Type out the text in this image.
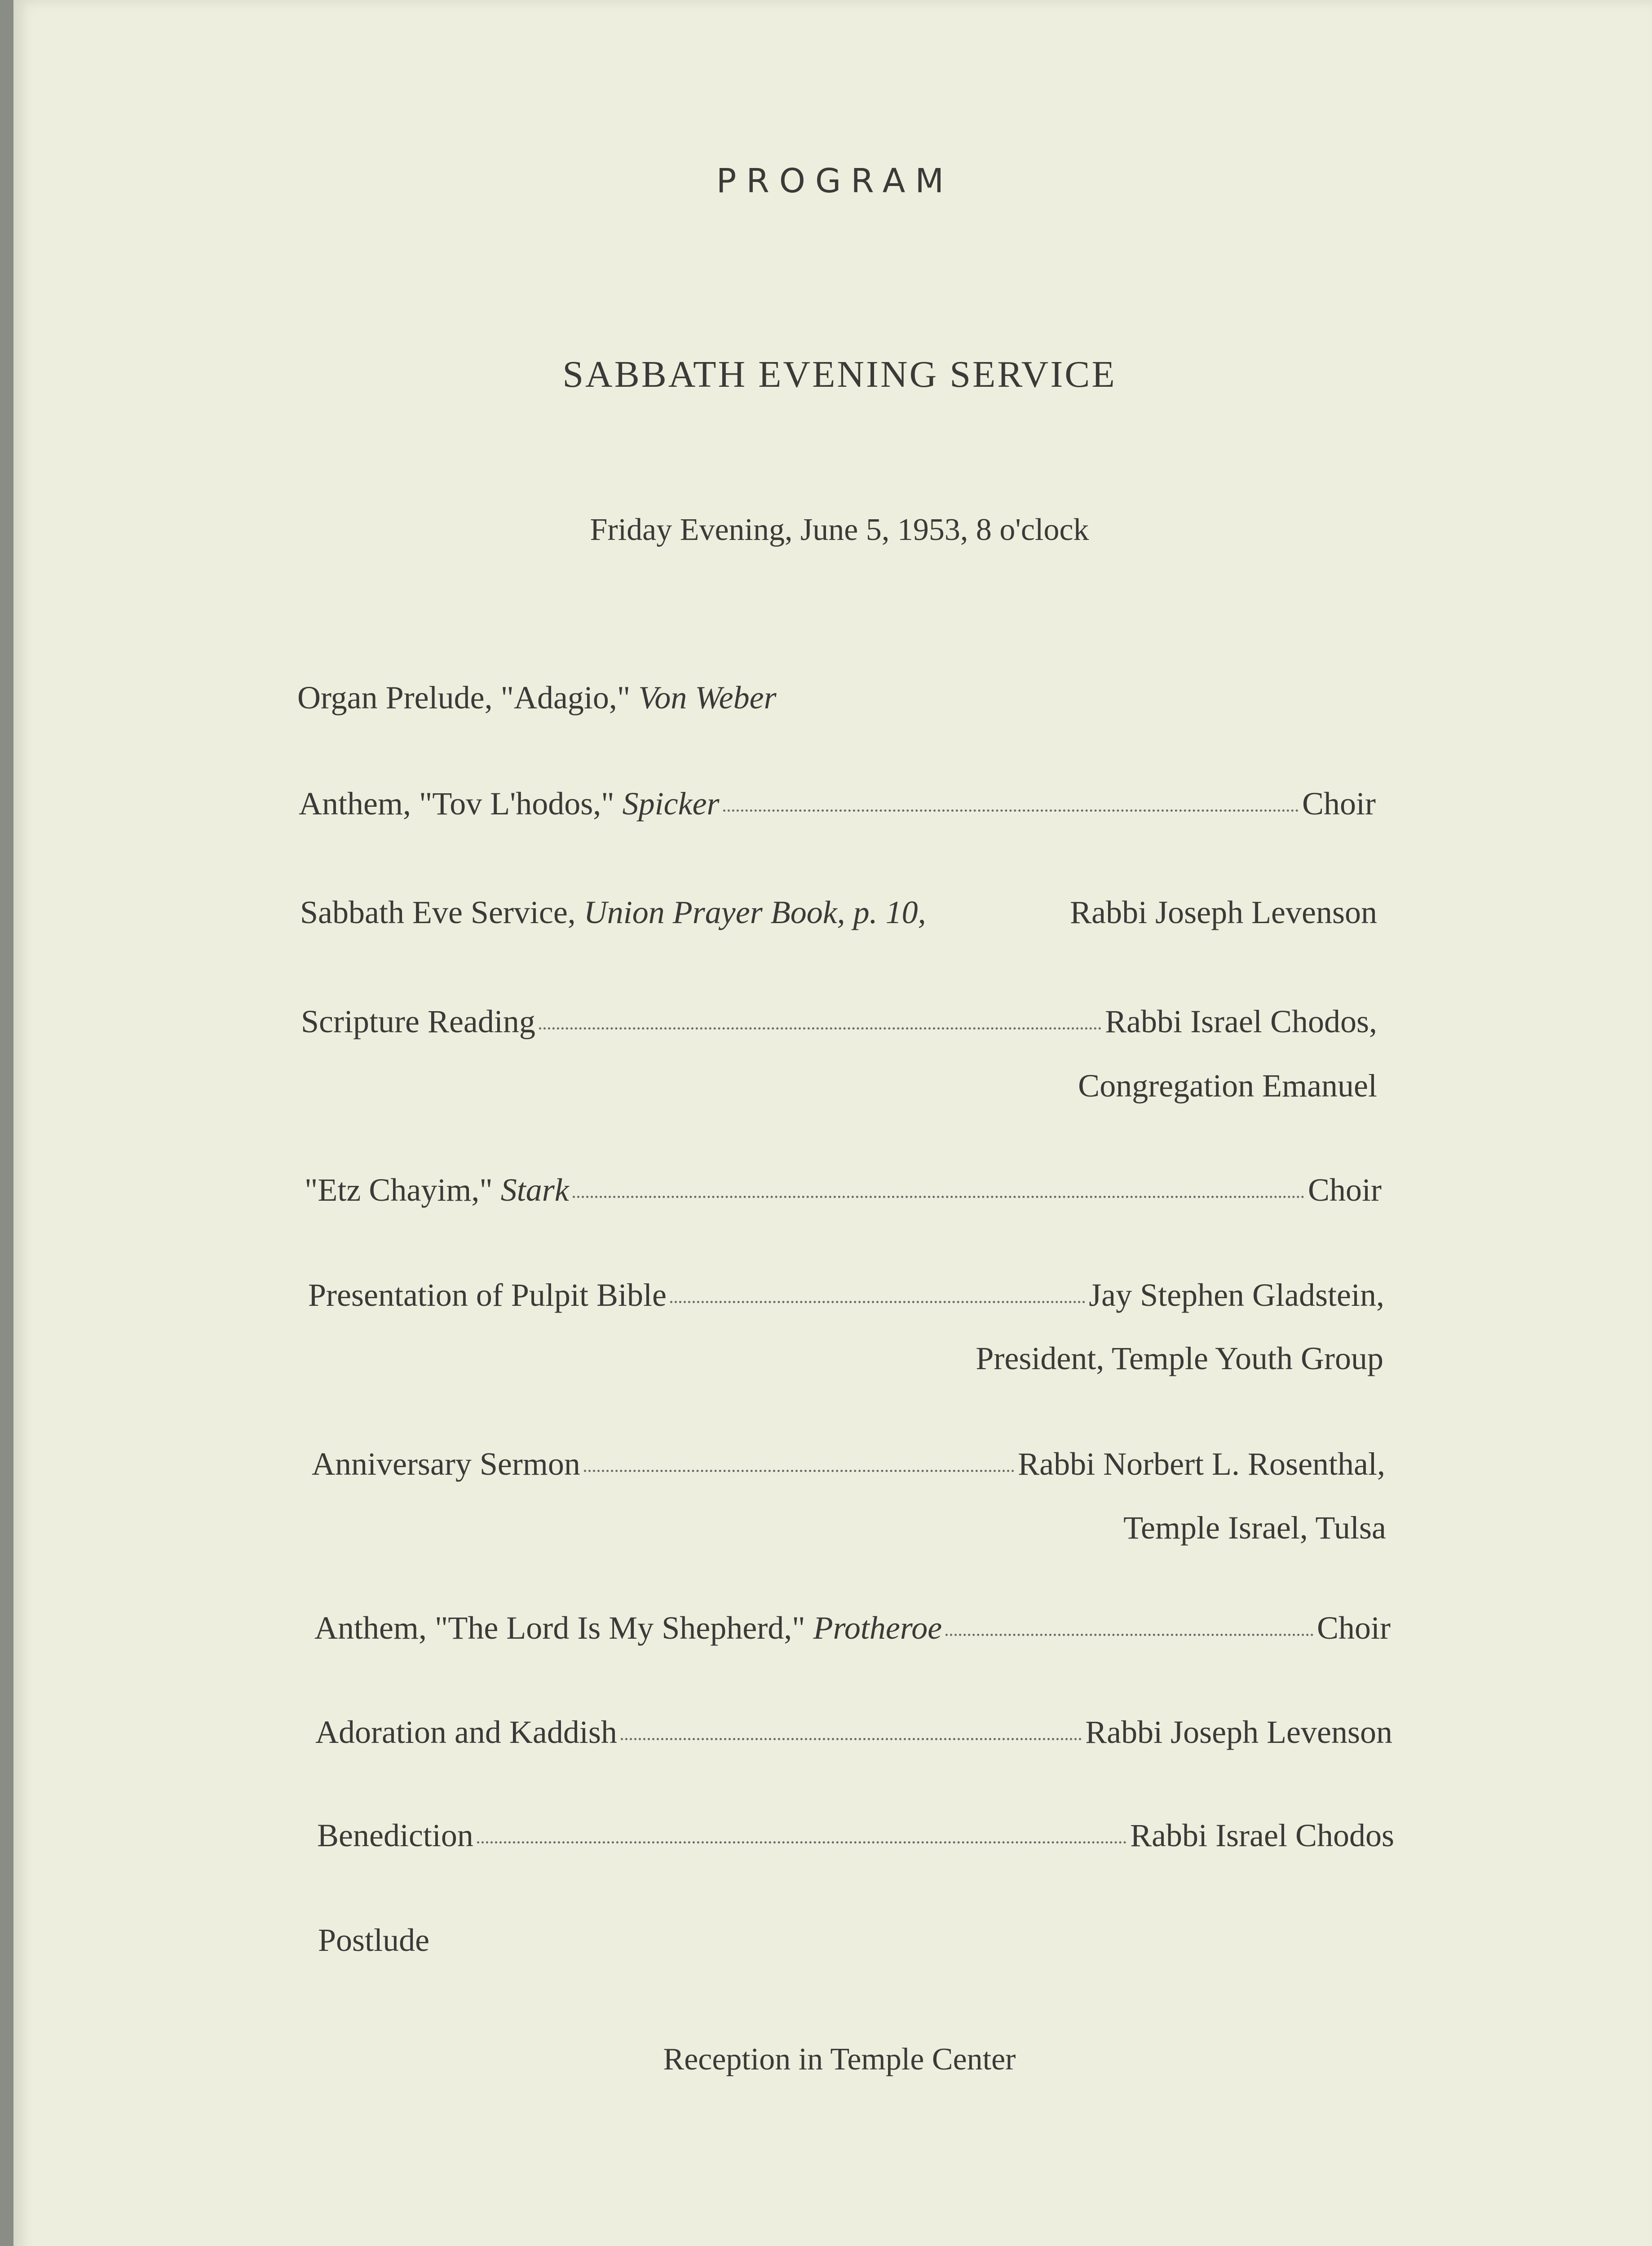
PROGRAM
SABBATH EVENING SERVICE
Friday Evening, June 5, 1953, 8 o'clock
Organ Prelude, "Adagio," Von Weber
Anthem, "Tov L'hodos," Spicker	Choir
Sabbath Eve Service, Union Prayer Book, p. 10,	Rabbi Joseph Levenson
Scripture Reading	Rabbi Israel Chodos,
Congregation Emanuel
"Etz Chayim," Stark	Choir
Presentation of Pulpit Bible	Jay Stephen Gladstein,
President, Temple Youth Group
Anniversary Sermon	Rabbi Norbert L. Rosenthal,
Temple Israel, Tulsa
Anthem, "The Lord Is My Shepherd," Protheroe	Choir
Adoration and Kaddish	Rabbi Joseph Levenson
Benediction	Rabbi Israel Chodos
Postlude
Reception in Temple Center
